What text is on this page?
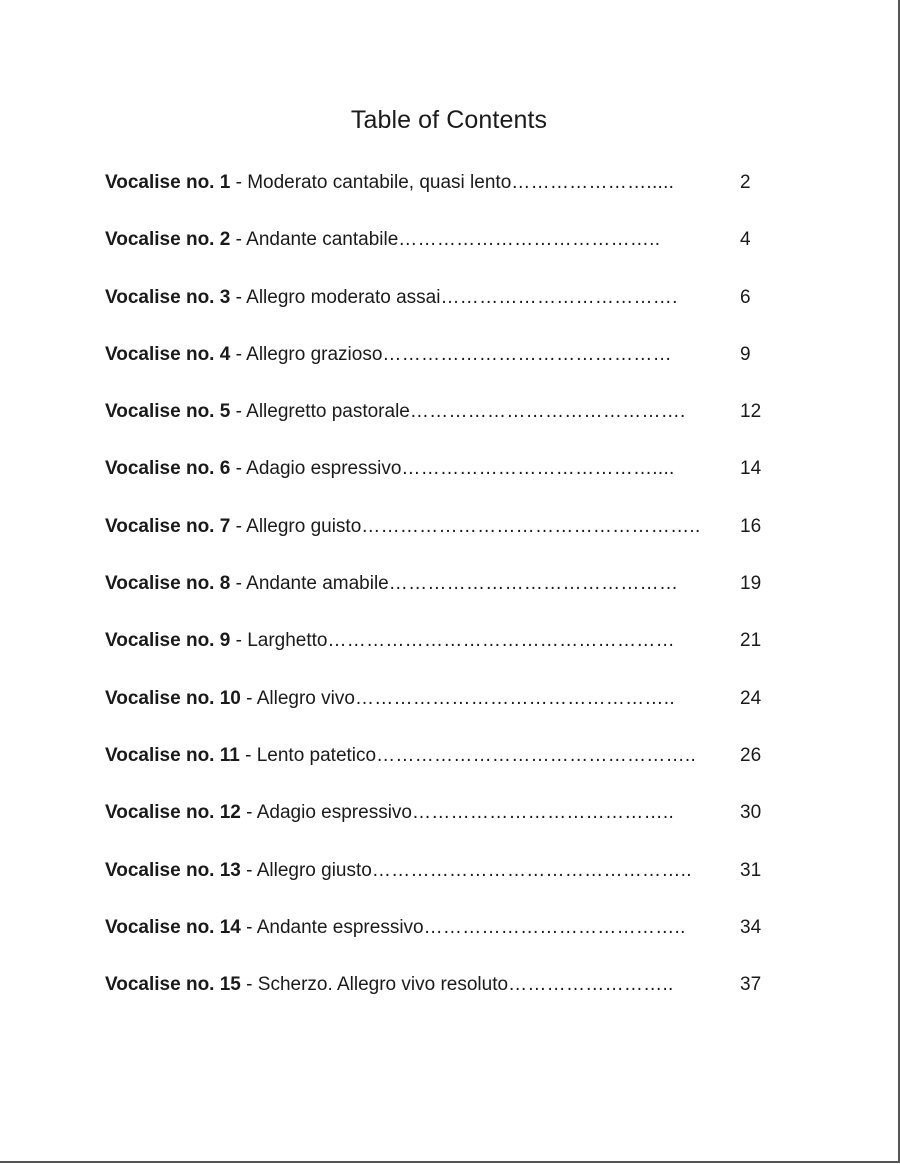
Table of Contents
Vocalise no. 1 - Moderato cantabile, quasi lento………………….....	2
Vocalise no. 2 - Andante cantabile…………………………………..	4
Vocalise no. 3 - Allegro moderato assai……………………………….	6
Vocalise no. 4 - Allegro grazioso………………………………………	9
Vocalise no. 5 - Allegretto pastorale…………………………………….	12
Vocalise no. 6 - Adagio espressivo…………………………………....	14
Vocalise no. 7 - Allegro guisto…………………………………………….. 16
Vocalise no. 8 - Andante amabile………………………………………	19
Vocalise no. 9 - Larghetto………………………………………………	21
Vocalise no. 10 - Allegro vivo…………………………………………..	24
Vocalise no. 11 - Lento patetico………………………………………….. 26
Vocalise no. 12 - Adagio espressivo…………………………………..	30
Vocalise no. 13 - Allegro giusto…………………………………………..	31
Vocalise no. 14 - Andante espressivo…………………………………..	34
Vocalise no. 15 - Scherzo. Allegro vivo resoluto……………………..	37
